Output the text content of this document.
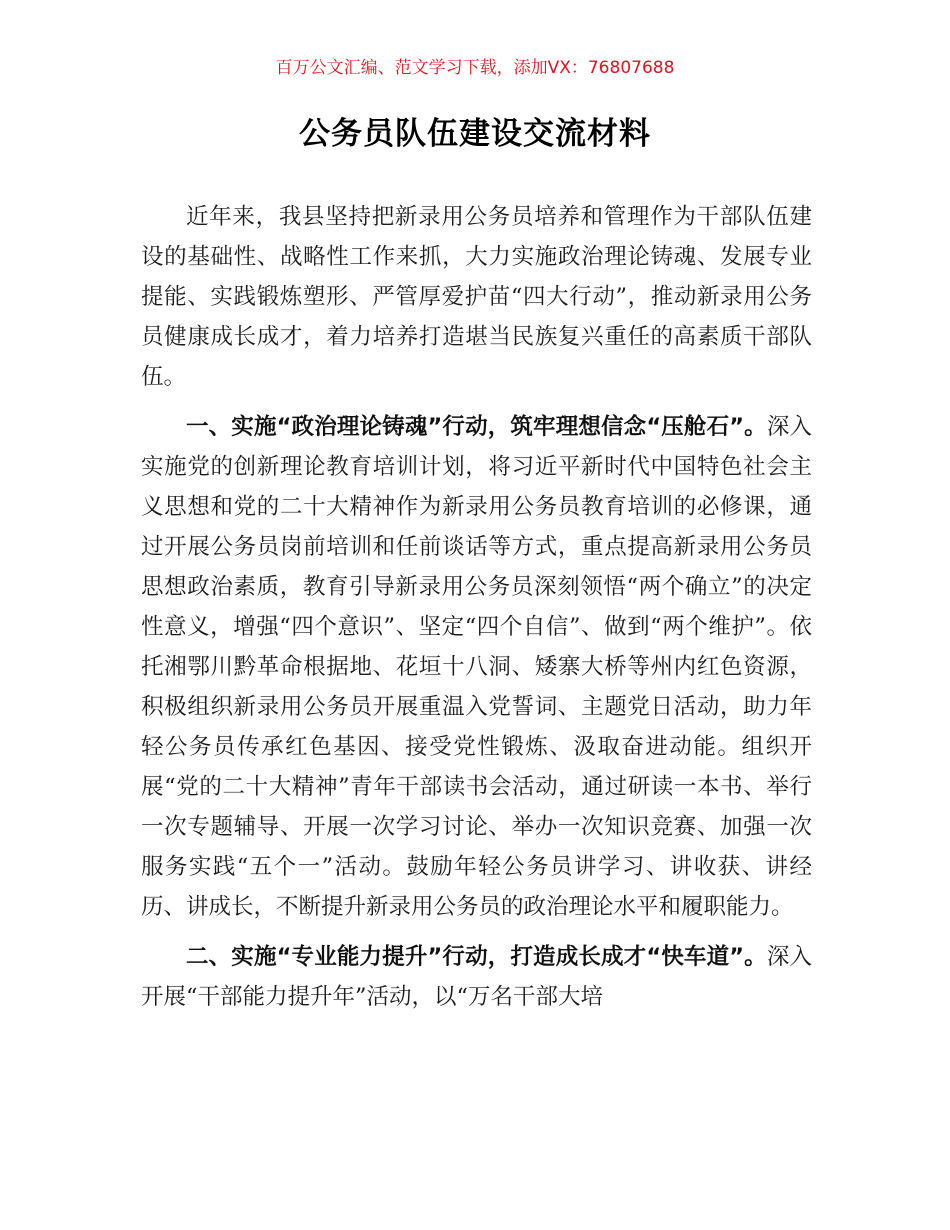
百万公文汇编、范文学习下载，添加VX：76807688
公务员队伍建设交流材料

近年来，我县坚持把新录用公务员培养和管理作为干部队伍建设的基础性、战略性工作来抓，大力实施政治理论铸魂、发展专业提能、实践锻炼塑形、严管厚爱护苗“四大行动”，推动新录用公务员健康成长成才，着力培养打造堪当民族复兴重任的高素质干部队伍。

一、实施“政治理论铸魂”行动，筑牢理想信念“压舱石”。深入实施党的创新理论教育培训计划，将习近平新时代中国特色社会主义思想和党的二十大精神作为新录用公务员教育培训的必修课，通过开展公务员岗前培训和任前谈话等方式，重点提高新录用公务员思想政治素质，教育引导新录用公务员深刻领悟“两个确立”的决定性意义，增强“四个意识”、坚定“四个自信”、做到“两个维护”。依托湘鄂川黔革命根据地、花垣十八洞、矮寨大桥等州内红色资源，积极组织新录用公务员开展重温入党誓词、主题党日活动，助力年轻公务员传承红色基因、接受党性锻炼、汲取奋进动能。组织开展“党的二十大精神”青年干部读书会活动，通过研读一本书、举行一次专题辅导、开展一次学习讨论、举办一次知识竞赛、加强一次服务实践“五个一”活动。鼓励年轻公务员讲学习、讲收获、讲经历、讲成长，不断提升新录用公务员的政治理论水平和履职能力。

二、实施“专业能力提升”行动，打造成长成才“快车道”。深入开展“干部能力提升年”活动，以“万名干部大培
